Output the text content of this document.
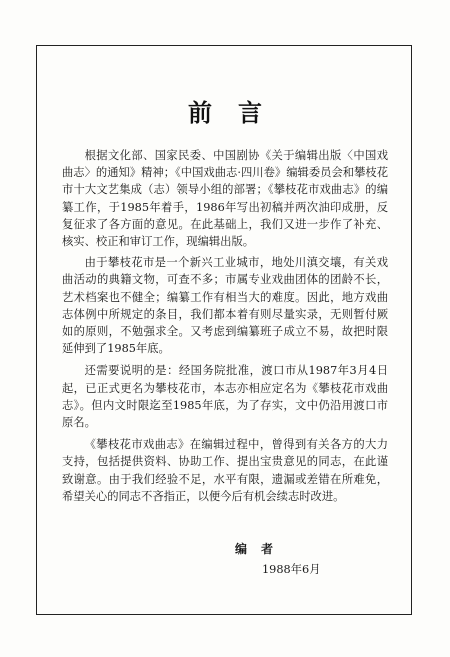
前言

根据文化部、国家民委、中国剧协《关于编辑出版〈中国戏曲志〉的通知》精神；《中国戏曲志·四川卷》编辑委员会和攀枝花市十大文艺集成（志）领导小组的部署；《攀枝花市戏曲志》的编纂工作，于1985年着手，1986年写出初稿并两次油印成册，反复征求了各方面的意见。在此基础上，我们又进一步作了补充、核实、校正和审订工作，现编辑出版。

由于攀枝花市是一个新兴工业城市，地处川滇交壤，有关戏曲活动的典籍文物，可查不多；市属专业戏曲团体的团龄不长，艺术档案也不健全；编纂工作有相当大的难度。因此，地方戏曲志体例中所规定的条目，我们都本着有则尽量实录，无则暂付厥如的原则，不勉强求全。又考虑到编纂班子成立不易，故把时限延伸到了1985年底。

还需要说明的是：经国务院批准，渡口市从1987年3月4日起，已正式更名为攀枝花市，本志亦相应定名为《攀枝花市戏曲志》。但内文时限迄至1985年底，为了存实，文中仍沿用渡口市原名。

《攀枝花市戏曲志》在编辑过程中，曾得到有关各方的大力支持，包括提供资料、协助工作、提出宝贵意见的同志，在此谨致谢意。由于我们经验不足，水平有限，遗漏或差错在所难免，希望关心的同志不吝指正，以便今后有机会续志时改进。

编者
1988年6月
